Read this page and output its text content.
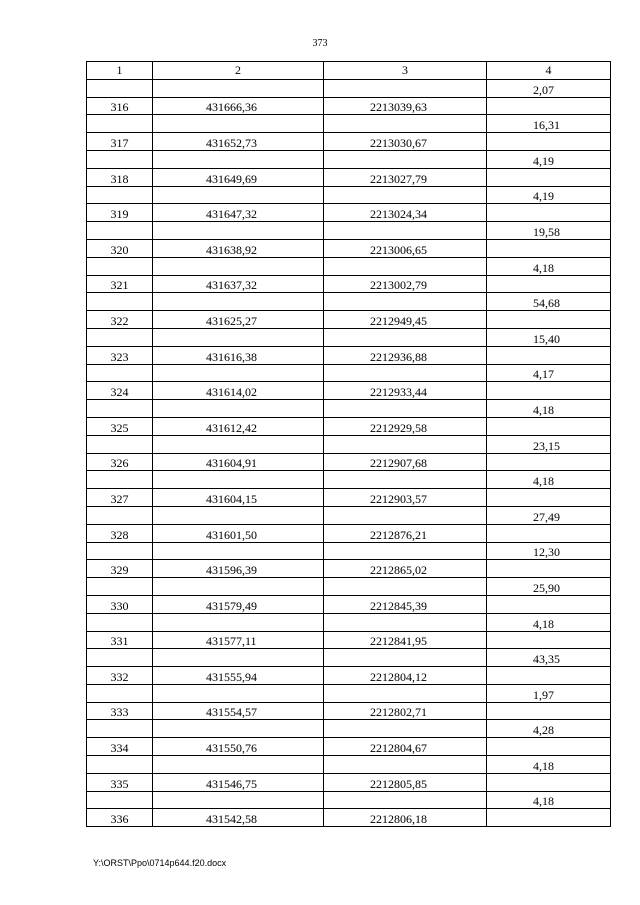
373
1	2	3	4
			2,07
316	431666,36	2213039,63	
			16,31
317	431652,73	2213030,67	
			4,19
318	431649,69	2213027,79	
			4,19
319	431647,32	2213024,34	
			19,58
320	431638,92	2213006,65	
			4,18
321	431637,32	2213002,79	
			54,68
322	431625,27	2212949,45	
			15,40
323	431616,38	2212936,88	
			4,17
324	431614,02	2212933,44	
			4,18
325	431612,42	2212929,58	
			23,15
326	431604,91	2212907,68	
			4,18
327	431604,15	2212903,57	
			27,49
328	431601,50	2212876,21	
			12,30
329	431596,39	2212865,02	
			25,90
330	431579,49	2212845,39	
			4,18
331	431577,11	2212841,95	
			43,35
332	431555,94	2212804,12	
			1,97
333	431554,57	2212802,71	
			4,28
334	431550,76	2212804,67	
			4,18
335	431546,75	2212805,85	
			4,18
336	431542,58	2212806,18	
Y:\ORST\Ppo\0714p644.f20.docx
